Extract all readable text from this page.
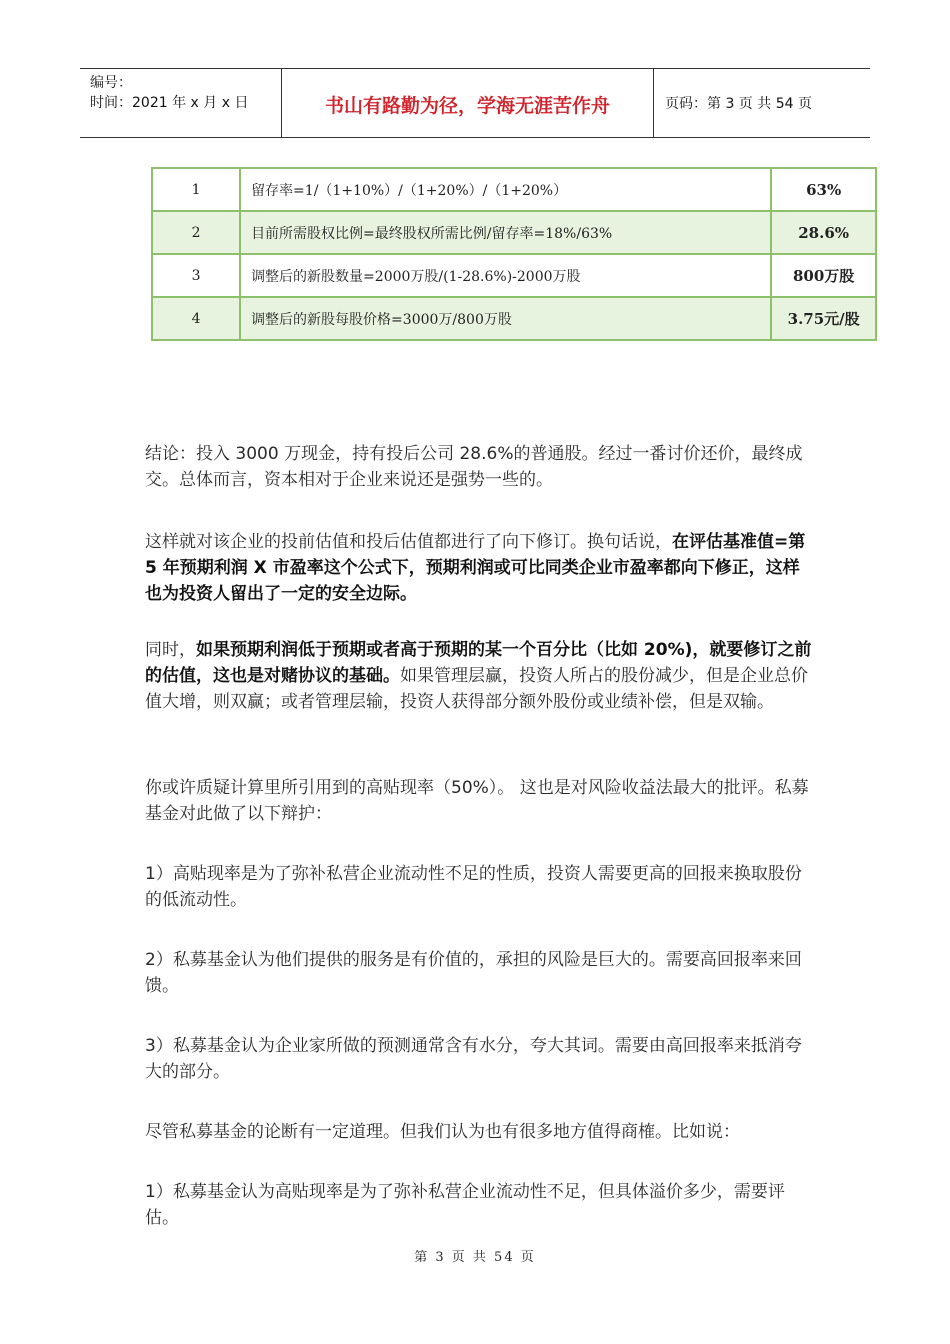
编号：
时间：2021 年 x 月 x 日	书山有路勤为径，学海无涯苦作舟	页码：第 3 页 共 54 页
1	留存率=1/（1+10%）/（1+20%）/（1+20%）	63%
2	目前所需股权比例=最终股权所需比例/留存率=18%/63%	28.6%
3	调整后的新股数量=2000万股/(1-28.6%)-2000万股	800万股
4	调整后的新股每股价格=3000万/800万股	3.75元/股
结论：投入 3000 万现金，持有投后公司 28.6%的普通股。经过一番讨价还价，最终成交。总体而言，资本相对于企业来说还是强势一些的。
这样就对该企业的投前估值和投后估值都进行了向下修订。换句话说，在评估基准值=第 5 年预期利润 X 市盈率这个公式下，预期利润或可比同类企业市盈率都向下修正，这样也为投资人留出了一定的安全边际。
同时，如果预期利润低于预期或者高于预期的某一个百分比（比如 20%)，就要修订之前的估值，这也是对赌协议的基础。如果管理层赢，投资人所占的股份减少，但是企业总价值大增，则双赢；或者管理层输，投资人获得部分额外股份或业绩补偿，但是双输。
你或许质疑计算里所引用到的高贴现率（50%）。 这也是对风险收益法最大的批评。私募基金对此做了以下辩护：
1）高贴现率是为了弥补私营企业流动性不足的性质，投资人需要更高的回报来换取股份的低流动性。
2）私募基金认为他们提供的服务是有价值的，承担的风险是巨大的。需要高回报率来回馈。
3）私募基金认为企业家所做的预测通常含有水分，夸大其词。需要由高回报率来抵消夸大的部分。
尽管私募基金的论断有一定道理。但我们认为也有很多地方值得商榷。比如说：
1）私募基金认为高贴现率是为了弥补私营企业流动性不足，但具体溢价多少，需要评估。
第 3 页 共 54 页
